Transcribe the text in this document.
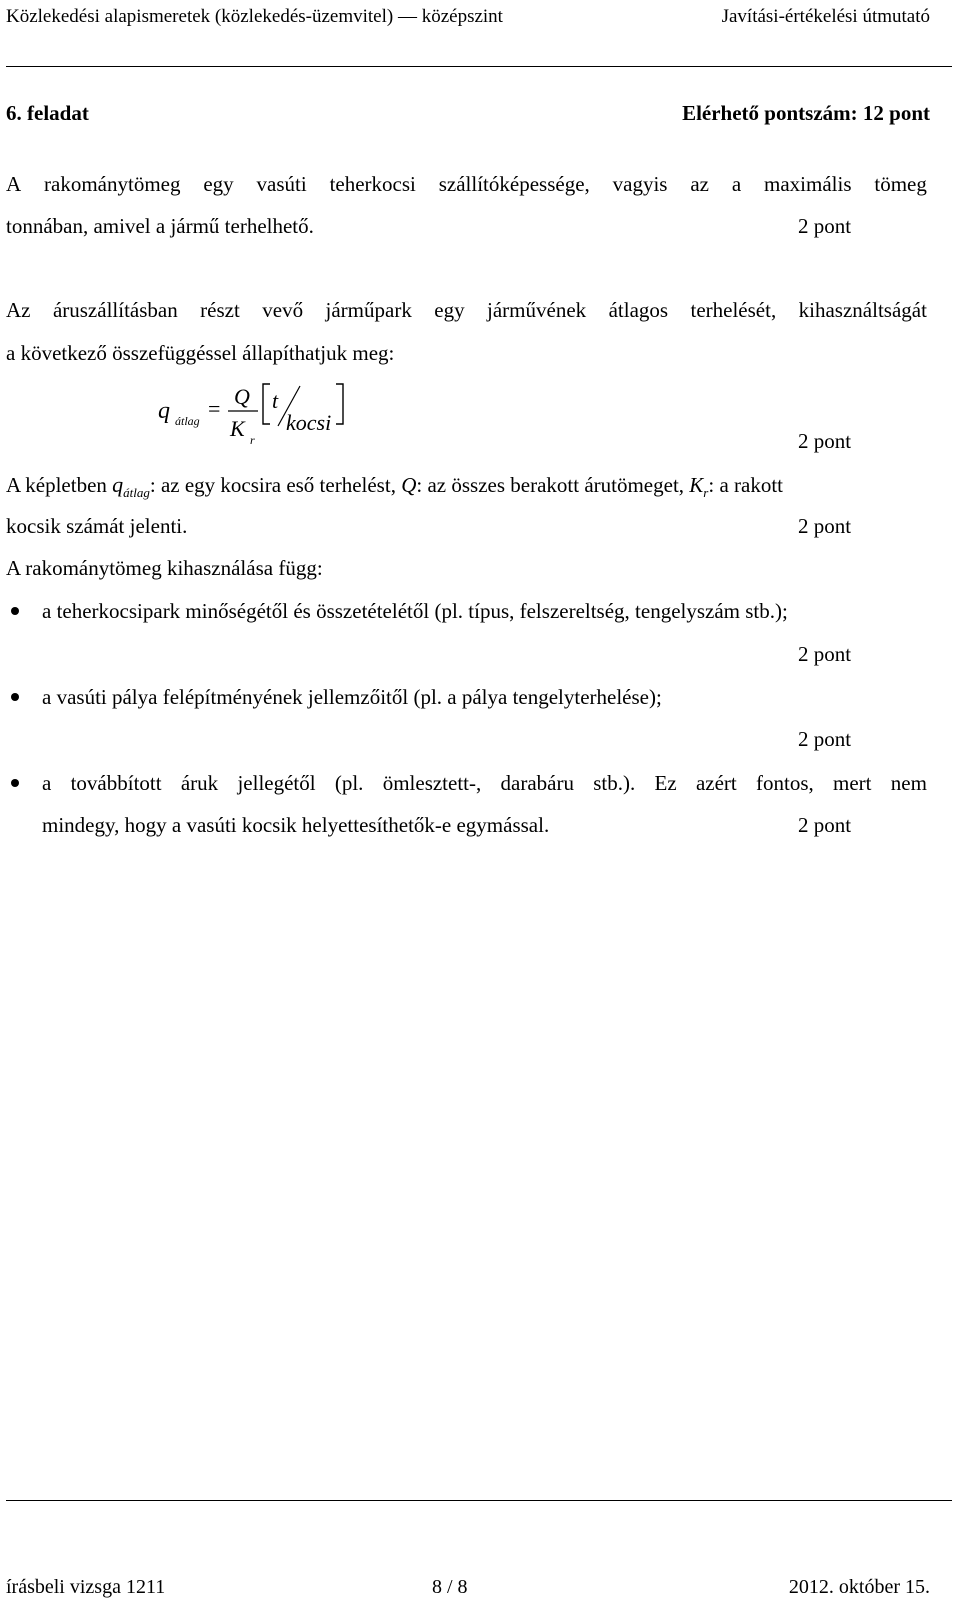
Közlekedési alapismeretek (közlekedés-üzemvitel) — középszint	Javítási-értékelési útmutató
6. feladat	Elérhető pontszám: 12 pont
A rakománytömeg egy vasúti teherkocsi szállítóképessége, vagyis az a maximális tömeg
tonnában, amivel a jármű terhelhető.	2 pont
Az áruszállításban részt vevő járműpark egy járművének átlagos terhelését, kihasználtságát
a következő összefüggéssel állapíthatjuk meg:
q átlag = Q
K r
t
kocsi
2 pont
A képletben $q_{átlag}$: az egy kocsira eső terhelést, Q: az összes berakott árutömeget, $K_r$: a rakott
kocsik számát jelenti.	2 pont
A rakománytömeg kihasználása függ:
a teherkocsipark minőségétől és összetételétől (pl. típus, felszereltség, tengelyszám stb.);
2 pont
a vasúti pálya felépítményének jellemzőitől (pl. a pálya tengelyterhelése);
2 pont
a továbbított áruk jellegétől (pl. ömlesztett-, darabáru stb.). Ez azért fontos, mert nem
mindegy, hogy a vasúti kocsik helyettesíthetők-e egymással.	2 pont
írásbeli vizsga 1211	8 / 8	2012. október 15.
